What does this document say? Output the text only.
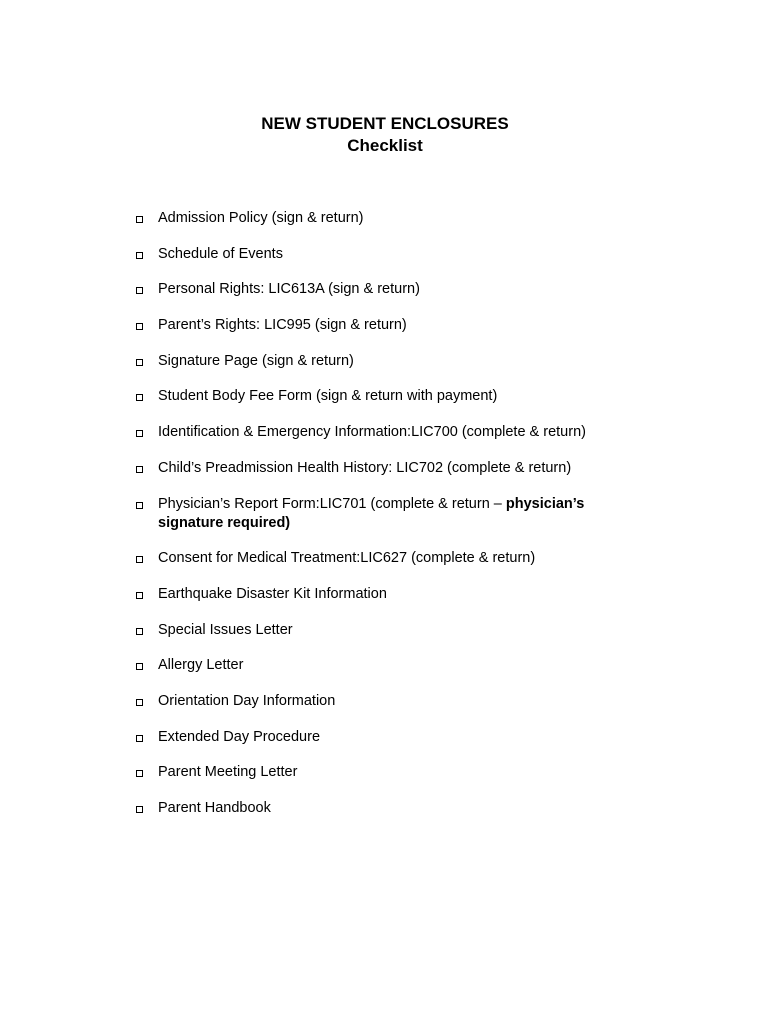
NEW STUDENT ENCLOSURES

Checklist

Admission Policy (sign & return)
Schedule of Events
Personal Rights: LIC613A (sign & return)
Parent’s Rights: LIC995 (sign & return)
Signature Page (sign & return)
Student Body Fee Form (sign & return with payment)
Identification & Emergency Information:LIC700 (complete & return)
Child’s Preadmission Health History: LIC702 (complete & return)
Physician’s Report Form:LIC701 (complete & return – physician’s signature required)
Consent for Medical Treatment:LIC627 (complete & return)
Earthquake Disaster Kit Information
Special Issues Letter
Allergy Letter
Orientation Day Information
Extended Day Procedure
Parent Meeting Letter
Parent Handbook
